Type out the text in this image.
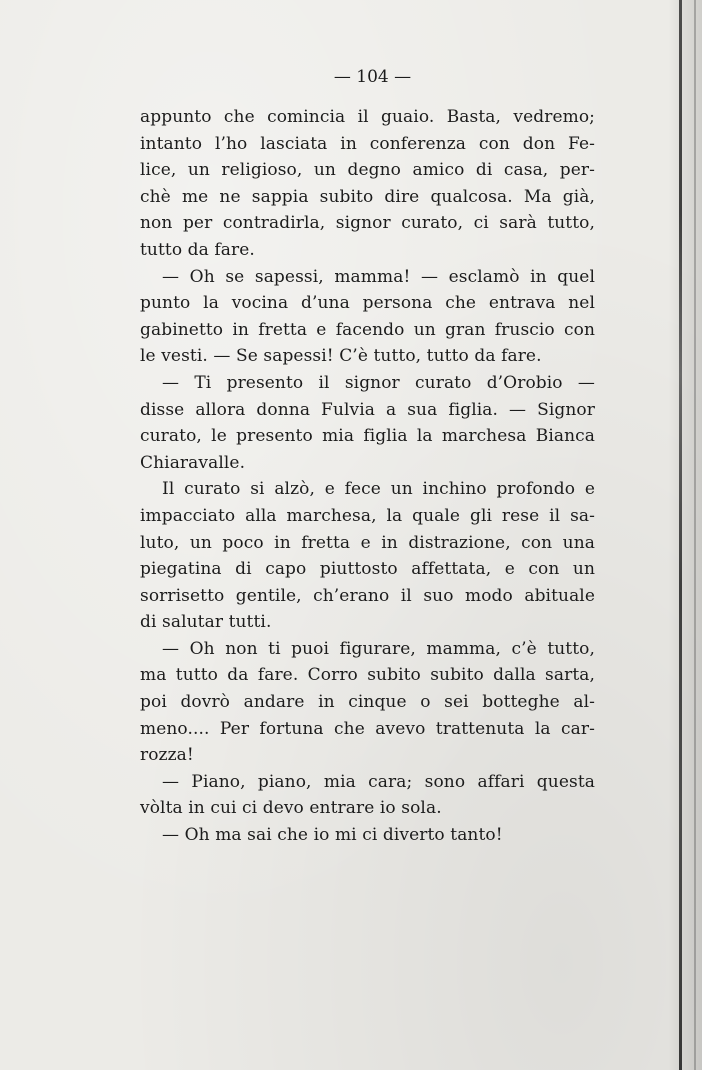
— 104 —
appunto che comincia il guaio. Basta, vedremo;
intanto l’ho lasciata in conferenza con don Fe-
lice, un religioso, un degno amico di casa, per-
chè me ne sappia subito dire qualcosa. Ma già,
non per contradirla, signor curato, ci sarà tutto,
tutto da fare.
— Oh se sapessi, mamma! — esclamò in quel
punto la vocina d’una persona che entrava nel
gabinetto in fretta e facendo un gran fruscio con
le vesti. — Se sapessi! C’è tutto, tutto da fare.
— Ti presento il signor curato d’Orobio —
disse allora donna Fulvia a sua figlia. — Signor
curato, le presento mia figlia la marchesa Bianca
Chiaravalle.
Il curato si alzò, e fece un inchino profondo e
impacciato alla marchesa, la quale gli rese il sa-
luto, un poco in fretta e in distrazione, con una
piegatina di capo piuttosto affettata, e con un
sorrisetto gentile, ch’erano il suo modo abituale
di salutar tutti.
— Oh non ti puoi figurare, mamma, c’è tutto,
ma tutto da fare. Corro subito subito dalla sarta,
poi dovrò andare in cinque o sei botteghe al-
meno.... Per fortuna che avevo trattenuta la car-
rozza!
— Piano, piano, mia cara; sono affari questa
vòlta in cui ci devo entrare io sola.
— Oh ma sai che io mi ci diverto tanto!
